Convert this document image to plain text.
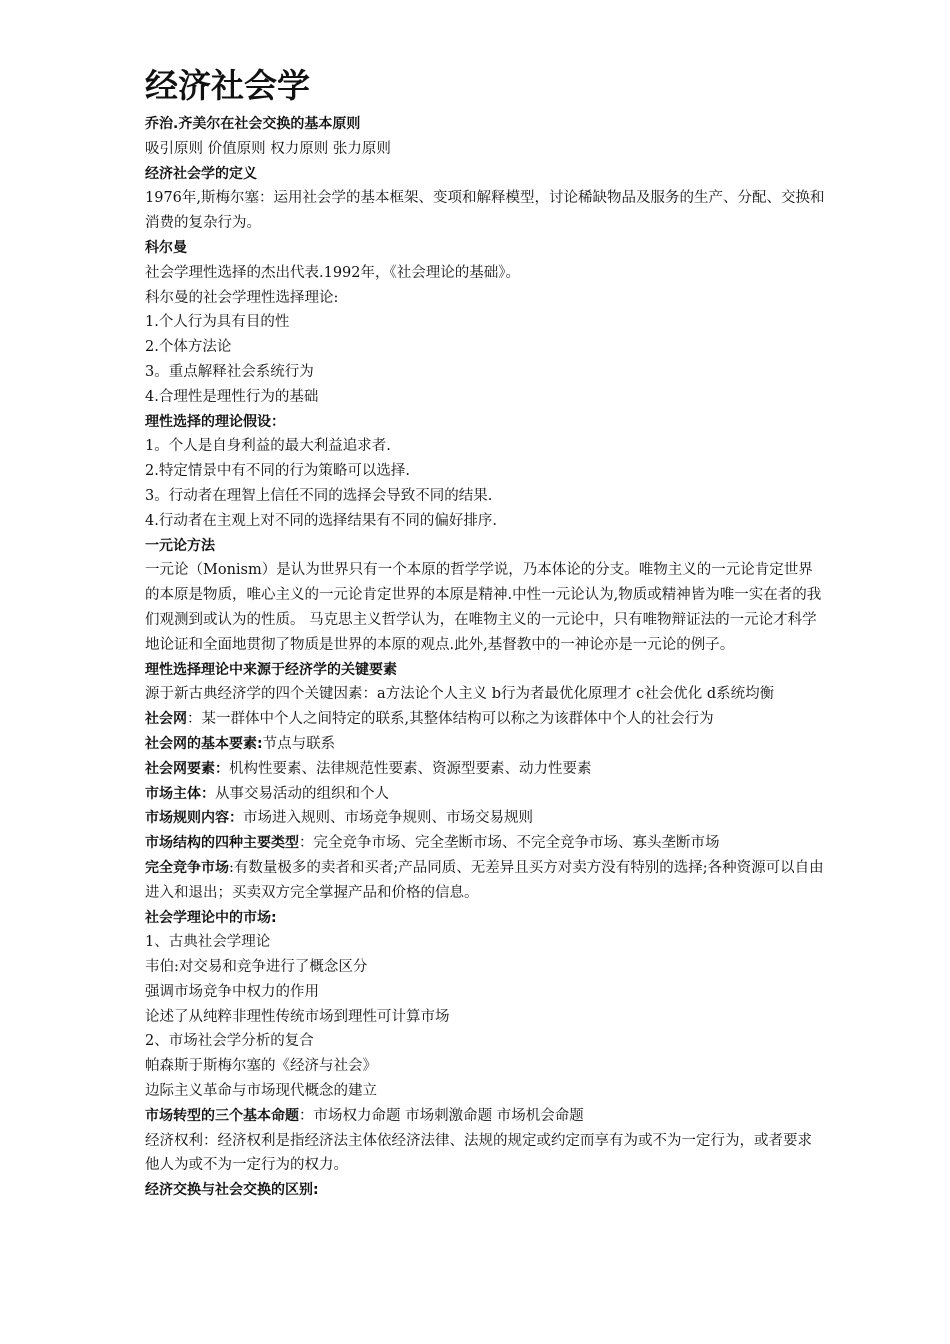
经济社会学
乔治.齐美尔在社会交换的基本原则
吸引原则 价值原则 权力原则 张力原则
经济社会学的定义
1976年,斯梅尔塞：运用社会学的基本框架、变项和解释模型，讨论稀缺物品及服务的生产、分配、交换和消费的复杂行为。
科尔曼
社会学理性选择的杰出代表.1992年，《社会理论的基础》。
科尔曼的社会学理性选择理论:
1.个人行为具有目的性
2.个体方法论
3。重点解释社会系统行为
4.合理性是理性行为的基础
理性选择的理论假设：
1。个人是自身利益的最大利益追求者.
2.特定情景中有不同的行为策略可以选择.
3。行动者在理智上信任不同的选择会导致不同的结果.
4.行动者在主观上对不同的选择结果有不同的偏好排序.
一元论方法
一元论（Monism）是认为世界只有一个本原的哲学学说，乃本体论的分支。唯物主义的一元论肯定世界的本原是物质，唯心主义的一元论肯定世界的本原是精神.中性一元论认为,物质或精神皆为唯一实在者的我们观测到或认为的性质。 马克思主义哲学认为，在唯物主义的一元论中，只有唯物辩证法的一元论才科学地论证和全面地贯彻了物质是世界的本原的观点.此外,基督教中的一神论亦是一元论的例子。
理性选择理论中来源于经济学的关键要素
源于新古典经济学的四个关键因素：a方法论个人主义 b行为者最优化原理才 c社会优化 d系统均衡
社会网：某一群体中个人之间特定的联系,其整体结构可以称之为该群体中个人的社会行为
社会网的基本要素:节点与联系
社会网要素：机构性要素、法律规范性要素、资源型要素、动力性要素
市场主体：从事交易活动的组织和个人
市场规则内容：市场进入规则、市场竞争规则、市场交易规则
市场结构的四种主要类型：完全竞争市场、完全垄断市场、不完全竞争市场、寡头垄断市场
完全竞争市场:有数量极多的卖者和买者;产品同质、无差异且买方对卖方没有特别的选择;各种资源可以自由进入和退出；买卖双方完全掌握产品和价格的信息。
社会学理论中的市场:
1、古典社会学理论
韦伯:对交易和竞争进行了概念区分
强调市场竞争中权力的作用
论述了从纯粹非理性传统市场到理性可计算市场
2、市场社会学分析的复合
帕森斯于斯梅尔塞的《经济与社会》
边际主义革命与市场现代概念的建立
市场转型的三个基本命题：市场权力命题 市场刺激命题 市场机会命题
经济权利：经济权利是指经济法主体依经济法律、法规的规定或约定而享有为或不为一定行为，或者要求他人为或不为一定行为的权力。
经济交换与社会交换的区别:
